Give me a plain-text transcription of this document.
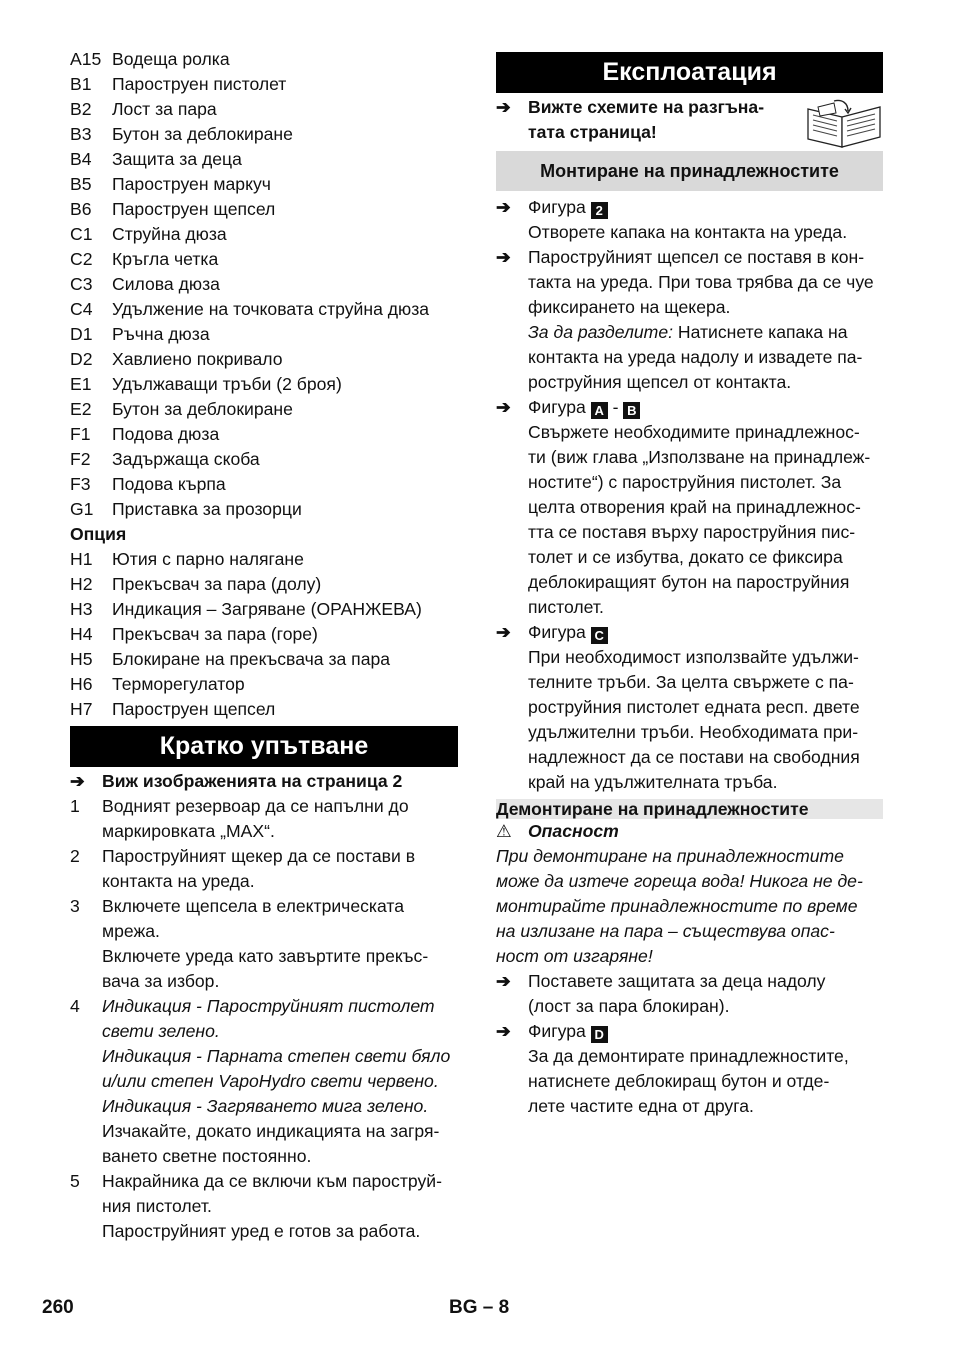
A15 Водеща ролка
B1 Пароструен пистолет
B2 Лост за пара
B3 Бутон за деблокиране
B4 Защита за деца
B5 Пароструен маркуч
B6 Пароструен щепсел
C1 Струйна дюза
C2 Кръгла четка
C3 Силова дюза
C4 Удължение на точковата струйна дюза
D1 Ръчна дюза
D2 Хавлиено покривало
E1 Удължаващи тръби (2 броя)
E2 Бутон за деблокиране
F1 Подова дюза
F2 Задържаща скоба
F3 Подова кърпа
G1 Приставка за прозорци
Опция
H1 Ютия с парно налягане
H2 Прекъсвач за пара (долу)
H3 Индикация – Загряване (ОРАНЖЕВА)
H4 Прекъсвач за пара (горе)
H5 Блокиране на прекъсвача за пара
H6 Терморегулатор
H7 Пароструен щепсел
Кратко упътване
➔ Виж изображенията на страница 2
1	Водният резервоар да се напълни до
маркировката „MAX“.
2	Пароструйният щекер да се постави в
контакта на уреда.
3	Включете щепсела в електрическата
мрежа.
Включете уреда като завъртите прекъс-
вача за избор.
4	Индикация - Пароструйният пистолет
свети зелено.
Индикация - Парната степен свети бяло
и/или степен VapoHydro свети червено.
Индикация - Загряването мига зелено.
Изчакайте, докато индикацията на загря-
ването светне постоянно.
5	Накрайника да се включи към пароструй-
ния пистолет.
Пароструйният уред е готов за работа.
Експлоатация
➔ Вижте схемите на разгъна-
тата страница!
Монтиране на принадлежностите
➔ Фигура 2
Отворете капака на контакта на уреда.
➔ Пароструйният щепсел се поставя в кон-
такта на уреда. При това трябва да се чуе
фиксирането на щекера.
За да разделите: Натиснете капака на
контакта на уреда надолу и извадете па-
роструйния щепсел от контакта.
➔ Фигура A - B
Свържете необходимите принадлежнос-
ти (виж глава „Използване на принадлеж-
ностите“) с пароструйния пистолет. За
целта отворения край на принадлежнос-
тта се поставя върху пароструйния пис-
толет и се избутва, докато се фиксира
деблокиращият бутон на пароструйния
пистолет.
➔ Фигура C
При необходимост използвайте удължи-
телните тръби. За целта свържете с па-
роструйния пистолет едната респ. двете
удължителни тръби. Необходимата при-
надлежност да се постави на свободния
край на удължителната тръба.
Демонтиране на принадлежностите
⚠ Опасност
При демонтиране на принадлежностите
може да изтече гореща вода! Никога не де-
монтирайте принадлежностите по време
на излизане на пара – съществува опас-
ност от изгаряне!
➔ Поставете защитата за деца надолу
(лост за пара блокиран).
➔ Фигура D
За да демонтирате принадлежностите,
натиснете деблокиращ бутон и отде-
лете частите една от друга.
260	BG – 8
